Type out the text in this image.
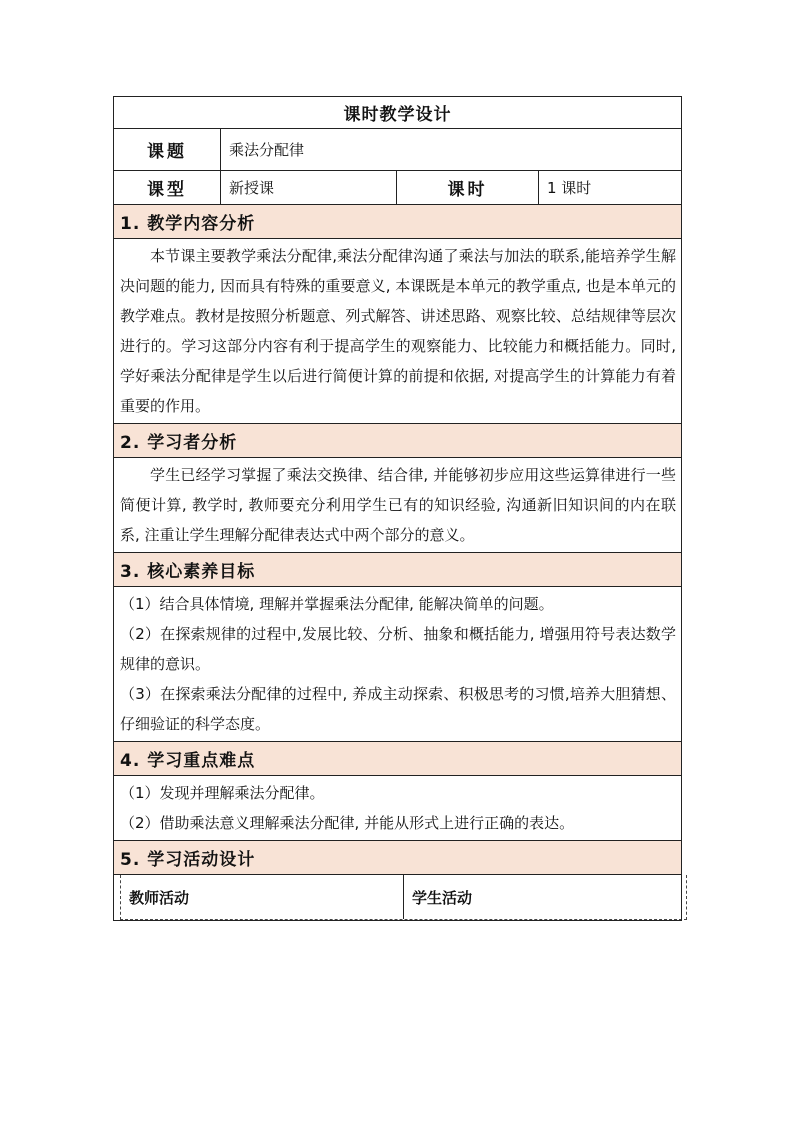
课时教学设计			
课题	乘法分配律		
课型	新授课	课时	1 课时
1. 教学内容分析			

本节课主要教学乘法分配律,乘法分配律沟通了乘法与加法的联系,能培养学生解决问题的能力, 因而具有特殊的重要意义, 本课既是本单元的教学重点, 也是本单元的教学难点。教材是按照分析题意、列式解答、讲述思路、观察比较、总结规律等层次进行的。学习这部分内容有利于提高学生的观察能力、比较能力和概括能力。同时, 学好乘法分配律是学生以后进行简便计算的前提和依据, 对提高学生的计算能力有着重要的作用。			

2. 学习者分析			

学生已经学习掌握了乘法交换律、结合律, 并能够初步应用这些运算律进行一些简便计算, 教学时, 教师要充分利用学生已有的知识经验, 沟通新旧知识间的内在联系, 注重让学生理解分配律表达式中两个部分的意义。			

3. 核心素养目标			

（1）结合具体情境, 理解并掌握乘法分配律, 能解决简单的问题。

（2）在探索规律的过程中,发展比较、分析、抽象和概括能力, 增强用符号表达数学规律的意识。

（3）在探索乘法分配律的过程中, 养成主动探索、积极思考的习惯,培养大胆猜想、仔细验证的科学态度。			

4. 学习重点难点			

（1）发现并理解乘法分配律。

（2）借助乘法意义理解乘法分配律, 并能从形式上进行正确的表达。			

5. 学习活动设计			

教师活动 学生活动			
